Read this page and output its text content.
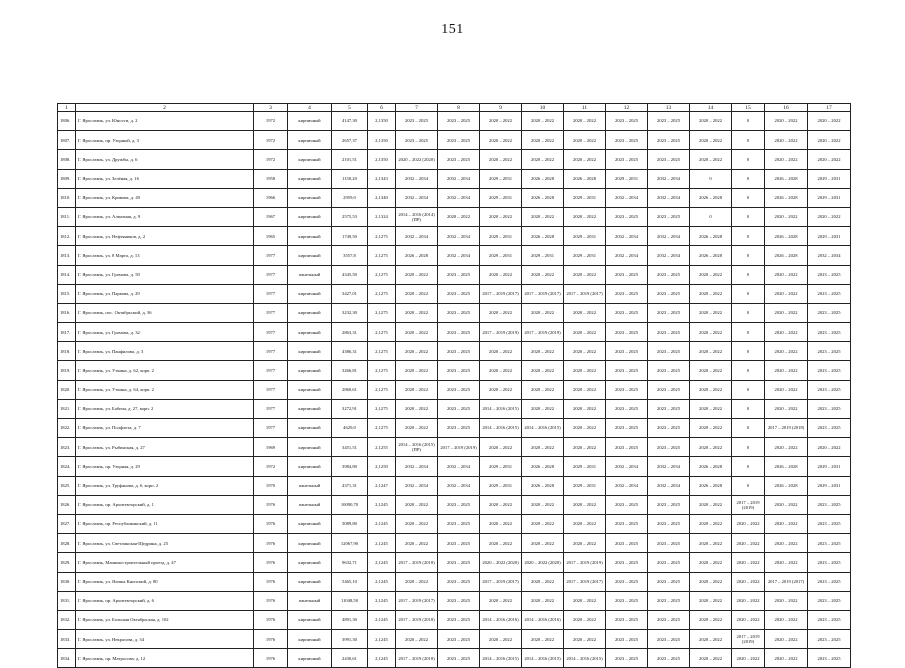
151
1	2	3	4	5	6	7	8	9	10	11	12	13	14	15	16	17
1806.	Г. Ярославль, ул. Юности, д. 2	1972	кирпичный	4147,30	2,1350	2023 – 2025	2023 – 2025	2020 – 2022	2020 – 2022	2020 – 2022	2023 – 2025	2023 – 2025	2020 – 2022	0	2020 – 2022	2020 – 2022
1807.	Г. Ярославль, пр. Узорный, д. 3	1972	кирпичный	2657,37	2,1350	2023 – 2025	2023 – 2025	2020 – 2022	2020 – 2022	2020 – 2022	2023 – 2025	2023 – 2025	2020 – 2022	0	2020 – 2022	2020 – 2022
1808.	Г. Ярославль, ул. Дружбы, д. 6	1972	кирпичный	2101,51	2,1350	2020 – 2022 (2020)	2023 – 2025	2020 – 2022	2020 – 2022	2020 – 2022	2023 – 2025	2023 – 2025	2020 – 2022	0	2020 – 2022	2020 – 2022
1809.	Г. Ярославль, ул. Зелёная, д. 16	1958	кирпичный	1150,20	2,1343	2032 – 2034	2032 – 2034	2029 – 2031	2026 – 2028	2026 – 2028	2029 – 2031	2032 – 2034	0	0	2026 – 2028	2029 – 2031
1810.	Г. Ярославль, ул. Кривова, д. 49	1966	кирпичный	2959,0	2,1340	2032 – 2034	2032 – 2034	2029 – 2031	2026 – 2028	2029 – 2031	2032 – 2034	2032 – 2034	2026 – 2028	0	2026 – 2028	2029 – 2031
1811.	Г. Ярославль, ул. Алмазная, д. 9	1967	кирпичный	2575,53	2,1324	2014 – 2016 (2014) (ПР)	2020 – 2022	2020 – 2022	2020 – 2022	2020 – 2022	2023 – 2025	2023 – 2025	0	0	2020 – 2022	2020 – 2022
1812.	Г. Ярославль, ул. Нефтяников, д. 2	1965	кирпичный	1749,50	2,1275	2032 – 2034	2032 – 2034	2029 – 2031	2026 – 2028	2029 – 2031	2032 – 2034	2032 – 2034	2026 – 2028	0	2026 – 2028	2029 – 2031
1813.	Г. Ярославль, ул. 8 Марта, д. 13	1977	кирпичный	3557,8	2,1275	2026 – 2028	2032 – 2034	2029 – 2031	2029 – 2031	2029 – 2031	2032 – 2034	2032 – 2034	2026 – 2028	0	2026 – 2028	2032 – 2034
1814.	Г. Ярославль, ул. Громова, д. 50	1977	панельный	4345,50	2,1275	2020 – 2022	2023 – 2025	2020 – 2022	2020 – 2022	2020 – 2022	2023 – 2025	2023 – 2025	2020 – 2022	0	2020 – 2022	2023 – 2025
1815.	Г. Ярославль, ул. Паркова, д. 29	1977	кирпичный	3427,01	2,1275	2020 – 2022	2023 – 2025	2017 – 2019 (2017)	2017 – 2019 (2017)	2017 – 2019 (2017)	2023 – 2025	2023 – 2025	2020 – 2022	0	2020 – 2022	2023 – 2025
1816.	Г. Ярославль, пос. Октябрьский, д. 36	1977	кирпичный	3232,30	2,1275	2020 – 2022	2023 – 2025	2020 – 2022	2020 – 2022	2020 – 2022	2023 – 2025	2023 – 2025	2020 – 2022	0	2020 – 2022	2023 – 2025
1817.	Г. Ярославль, ул. Громова, д. 32	1977	кирпичный	2863,31	2,1275	2020 – 2022	2023 – 2025	2017 – 2019 (2019)	2017 – 2019 (2019)	2020 – 2022	2023 – 2025	2023 – 2025	2020 – 2022	0	2020 – 2022	2023 – 2025
1818.	Г. Ярославль, ул. Панфилова, д. 3	1977	кирпичный	4386,31	2,1275	2020 – 2022	2023 – 2025	2020 – 2022	2020 – 2022	2020 – 2022	2023 – 2025	2023 – 2025	2020 – 2022	0	2020 – 2022	2023 – 2025
1819.	Г. Ярославль, ул. Уткина, д. 62, корп. 2	1977	кирпичный	3266,81	2,1275	2020 – 2022	2023 – 2025	2020 – 2022	2020 – 2022	2020 – 2022	2023 – 2025	2023 – 2025	2020 – 2022	0	2020 – 2022	2023 – 2025
1820.	Г. Ярославль, ул. Уткина, д. 64, корп. 2	1977	кирпичный	2860,61	2,1275	2020 – 2022	2023 – 2025	2020 – 2022	2020 – 2022	2020 – 2022	2023 – 2025	2023 – 2025	2020 – 2022	0	2020 – 2022	2023 – 2025
1821.	Г. Ярославль, ул. Бабича, д. 27, корп. 2	1977	кирпичный	3272,91	2,1275	2020 – 2022	2023 – 2025	2014 – 2016 (2015)	2020 – 2022	2020 – 2022	2023 – 2025	2023 – 2025	2020 – 2022	0	2020 – 2022	2023 – 2025
1822.	Г. Ярославль, ул. Полфлота, д. 7	1977	кирпичный	4629,0	2,1275	2020 – 2022	2023 – 2025	2014 – 2016 (2015)	2014 – 2016 (2015)	2020 – 2022	2023 – 2025	2023 – 2025	2020 – 2022	0	2017 – 2019 (2018)	2023 – 2025
1823.	Г. Ярославль, ул. Рыбинская, д. 27	1969	кирпичный	3451,51	2,1255	2014 – 2016 (2015) (ПР)	2017 – 2019 (2019)	2020 – 2022	2020 – 2022	2020 – 2022	2023 – 2025	2023 – 2025	2020 – 2022	0	2020 – 2022	2020 – 2022
1824.	Г. Ярославль, пр. Узорная, д. 29	1972	кирпичный	3984,80	2,1250	2032 – 2034	2032 – 2034	2029 – 2031	2026 – 2028	2029 – 2031	2032 – 2034	2032 – 2034	2026 – 2028	0	2026 – 2028	2029 – 2031
1825.	Г. Ярославль, ул. Труфанова, д. 6, корп. 2	1970	панельный	4371,31	2,1247	2032 – 2034	2032 – 2034	2029 – 2031	2026 – 2028	2029 – 2031	2032 – 2034	2032 – 2034	2026 – 2028	0	2026 – 2028	2029 – 2031
1826.	Г. Ярославль, пр. Архитекторский, д. 1	1976	панельный	10090,70	2,1245	2020 – 2022	2023 – 2025	2020 – 2022	2020 – 2022	2020 – 2022	2023 – 2025	2023 – 2025	2020 – 2022	2017 – 2019 (2019)	2020 – 2022	2023 – 2025
1827.	Г. Ярославль, пр. Республиканский, д. 11	1976	кирпичный	5089,80	2,1245	2020 – 2022	2023 – 2025	2020 – 2022	2020 – 2022	2020 – 2022	2023 – 2025	2023 – 2025	2020 – 2022	2020 – 2022	2020 – 2022	2023 – 2025
1828.	Г. Ярославль, ул. Светлинская-Щедрина, д. 25	1976	кирпичный	12067,90	2,1245	2020 – 2022	2023 – 2025	2020 – 2022	2020 – 2022	2020 – 2022	2023 – 2025	2023 – 2025	2020 – 2022	2020 – 2022	2020 – 2022	2023 – 2025
1829.	Г. Ярославль, Машиностроительный проезд, д. 47	1976	кирпичный	9632,71	2,1245	2017 – 2019 (2018)	2023 – 2025	2020 – 2022 (2020)	2020 – 2022 (2020)	2017 – 2019 (2019)	2023 – 2025	2023 – 2025	2020 – 2022	2020 – 2022	2020 – 2022	2023 – 2025
1830.	Г. Ярославль, ул. Ялиша Кнопский, д. 80	1976	кирпичный	5465,10	2,1245	2020 – 2022	2023 – 2025	2017 – 2019 (2017)	2020 – 2022	2017 – 2019 (2017)	2023 – 2025	2023 – 2025	2020 – 2022	2020 – 2022	2017 – 2019 (2017)	2023 – 2025
1831.	Г. Ярославль, пр. Архитекторский, д. 6	1976	панельный	11048,50	2,1245	2017 – 2019 (2017)	2023 – 2025	2020 – 2022	2020 – 2022	2020 – 2022	2023 – 2025	2023 – 2025	2020 – 2022	2020 – 2022	2020 – 2022	2023 – 2025
1832.	Г. Ярославль, ул. Большая Октябрьская, д. 102	1976	кирпичный	4891,30	2,1245	2017 – 2019 (2018)	2023 – 2025	2014 – 2016 (2016)	2014 – 2016 (2016)	2020 – 2022	2023 – 2025	2023 – 2025	2020 – 2022	2020 – 2022	2020 – 2022	2023 – 2025
1833.	Г. Ярославль, ул. Некрасова, д. 34	1976	кирпичный	3991,30	2,1245	2020 – 2022	2023 – 2025	2020 – 2022	2020 – 2022	2020 – 2022	2023 – 2025	2023 – 2025	2020 – 2022	2017 – 2019 (2019)	2020 – 2022	2023 – 2025
1834.	Г. Ярославль, пр. Матросова, д. 12	1976	кирпичный	2430,61	2,1245	2017 – 2019 (2018)	2023 – 2025	2014 – 2016 (2015)	2014 – 2016 (2015)	2014 – 2016 (2015)	2023 – 2025	2023 – 2025	2020 – 2022	2020 – 2022	2020 – 2022	2023 – 2025
